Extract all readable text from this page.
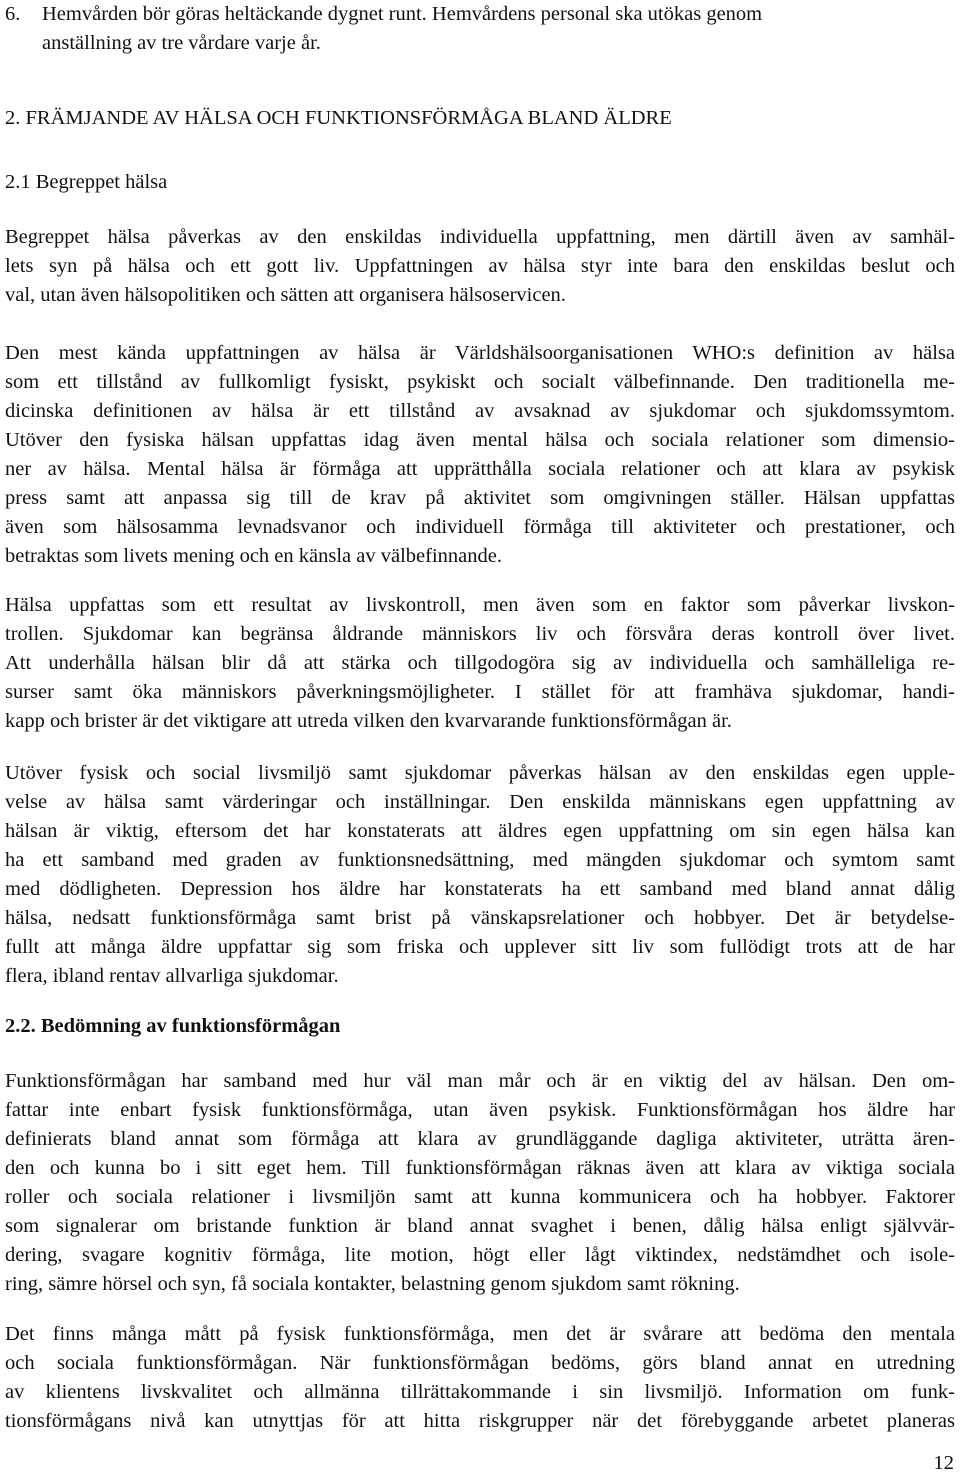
6. Hemvården bör göras heltäckande dygnet runt. Hemvårdens personal ska utökas genom
anställning av tre vårdare varje år.
2. FRÄMJANDE AV HÄLSA OCH FUNKTIONSFÖRMÅGA BLAND ÄLDRE
2.1 Begreppet hälsa
Begreppet hälsa påverkas av den enskildas individuella uppfattning, men därtill även av samhäl-
lets syn på hälsa och ett gott liv. Uppfattningen av hälsa styr inte bara den enskildas beslut och
val, utan även hälsopolitiken och sätten att organisera hälsoservicen.
Den mest kända uppfattningen av hälsa är Världshälsoorganisationen WHO:s definition av hälsa
som ett tillstånd av fullkomligt fysiskt, psykiskt och socialt välbefinnande. Den traditionella me-
dicinska definitionen av hälsa är ett tillstånd av avsaknad av sjukdomar och sjukdomssymtom.
Utöver den fysiska hälsan uppfattas idag även mental hälsa och sociala relationer som dimensio-
ner av hälsa. Mental hälsa är förmåga att upprätthålla sociala relationer och att klara av psykisk
press samt att anpassa sig till de krav på aktivitet som omgivningen ställer. Hälsan uppfattas
även som hälsosamma levnadsvanor och individuell förmåga till aktiviteter och prestationer, och
betraktas som livets mening och en känsla av välbefinnande.
Hälsa uppfattas som ett resultat av livskontroll, men även som en faktor som påverkar livskon-
trollen. Sjukdomar kan begränsa åldrande människors liv och försvåra deras kontroll över livet.
Att underhålla hälsan blir då att stärka och tillgodogöra sig av individuella och samhälleliga re-
surser samt öka människors påverkningsmöjligheter. I stället för att framhäva sjukdomar, handi-
kapp och brister är det viktigare att utreda vilken den kvarvarande funktionsförmågan är.
Utöver fysisk och social livsmiljö samt sjukdomar påverkas hälsan av den enskildas egen upple-
velse av hälsa samt värderingar och inställningar. Den enskilda människans egen uppfattning av
hälsan är viktig, eftersom det har konstaterats att äldres egen uppfattning om sin egen hälsa kan
ha ett samband med graden av funktionsnedsättning, med mängden sjukdomar och symtom samt
med dödligheten. Depression hos äldre har konstaterats ha ett samband med bland annat dålig
hälsa, nedsatt funktionsförmåga samt brist på vänskapsrelationer och hobbyer. Det är betydelse-
fullt att många äldre uppfattar sig som friska och upplever sitt liv som fullödigt trots att de har
flera, ibland rentav allvarliga sjukdomar.
2.2. Bedömning av funktionsförmågan
Funktionsförmågan har samband med hur väl man mår och är en viktig del av hälsan. Den om-
fattar inte enbart fysisk funktionsförmåga, utan även psykisk. Funktionsförmågan hos äldre har
definierats bland annat som förmåga att klara av grundläggande dagliga aktiviteter, uträtta ären-
den och kunna bo i sitt eget hem. Till funktionsförmågan räknas även att klara av viktiga sociala
roller och sociala relationer i livsmiljön samt att kunna kommunicera och ha hobbyer. Faktorer
som signalerar om bristande funktion är bland annat svaghet i benen, dålig hälsa enligt självvär-
dering, svagare kognitiv förmåga, lite motion, högt eller lågt viktindex, nedstämdhet och isole-
ring, sämre hörsel och syn, få sociala kontakter, belastning genom sjukdom samt rökning.
Det finns många mått på fysisk funktionsförmåga, men det är svårare att bedöma den mentala
och sociala funktionsförmågan. När funktionsförmågan bedöms, görs bland annat en utredning
av klientens livskvalitet och allmänna tillrättakommande i sin livsmiljö. Information om funk-
tionsförmågans nivå kan utnyttjas för att hitta riskgrupper när det förebyggande arbetet planeras
12
